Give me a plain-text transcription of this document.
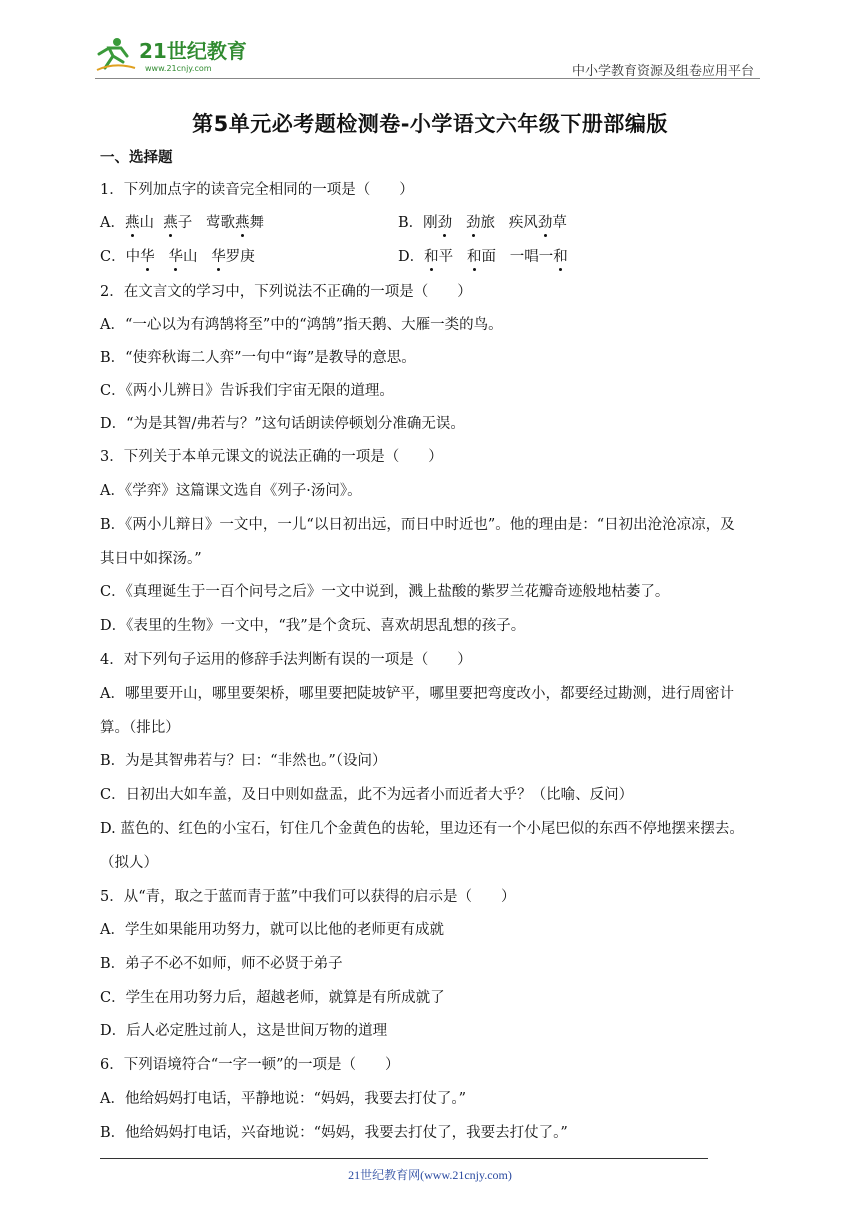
21世纪教育
www.21cnjy.com	中小学教育资源及组卷应用平台
第5单元必考题检测卷-小学语文六年级下册部编版
一、选择题
1．下列加点字的读音完全相同的一项是（　　）
A．燕山 燕子 莺歌燕舞	B．刚劲 劲旅 疾风劲草
C．中华 华山 华罗庚	D．和平 和面 一唱一和
2．在文言文的学习中，下列说法不正确的一项是（　　）
A．“一心以为有鸿鹄将至”中的“鸿鹄”指天鹅、大雁一类的鸟。
B．“使弈秋诲二人弈”一句中“诲”是教导的意思。
C．《两小儿辨日》告诉我们宇宙无限的道理。
D．“为是其智/弗若与？”这句话朗读停顿划分准确无误。
3．下列关于本单元课文的说法正确的一项是（　　）
A．《学弈》这篇课文选自《列子·汤问》。
B．《两小儿辩日》一文中，一儿“以日初出远，而日中时近也”。他的理由是：“日初出沧沧凉凉，及
其日中如探汤。”
C．《真理诞生于一百个问号之后》一文中说到，溅上盐酸的紫罗兰花瓣奇迹般地枯萎了。
D．《表里的生物》一文中，“我”是个贪玩、喜欢胡思乱想的孩子。
4．对下列句子运用的修辞手法判断有误的一项是（　　）
A．哪里要开山，哪里要架桥，哪里要把陡坡铲平，哪里要把弯度改小，都要经过勘测，进行周密计
算。（排比）
B．为是其智弗若与？曰：“非然也。”（设问）
C．日初出大如车盖，及日中则如盘盂，此不为远者小而近者大乎？（比喻、反问）
D. 蓝色的、红色的小宝石，钉住几个金黄色的齿轮，里边还有一个小尾巴似的东西不停地摆来摆去。
（拟人）
5．从“青，取之于蓝而青于蓝”中我们可以获得的启示是（　　）
A．学生如果能用功努力，就可以比他的老师更有成就
B．弟子不必不如师，师不必贤于弟子
C．学生在用功努力后，超越老师，就算是有所成就了
D．后人必定胜过前人，这是世间万物的道理
6．下列语境符合“一字一顿”的一项是（　　）
A．他给妈妈打电话，平静地说：“妈妈，我要去打仗了。”
B．他给妈妈打电话，兴奋地说：“妈妈，我要去打仗了，我要去打仗了。”
21世纪教育网(www.21cnjy.com)
